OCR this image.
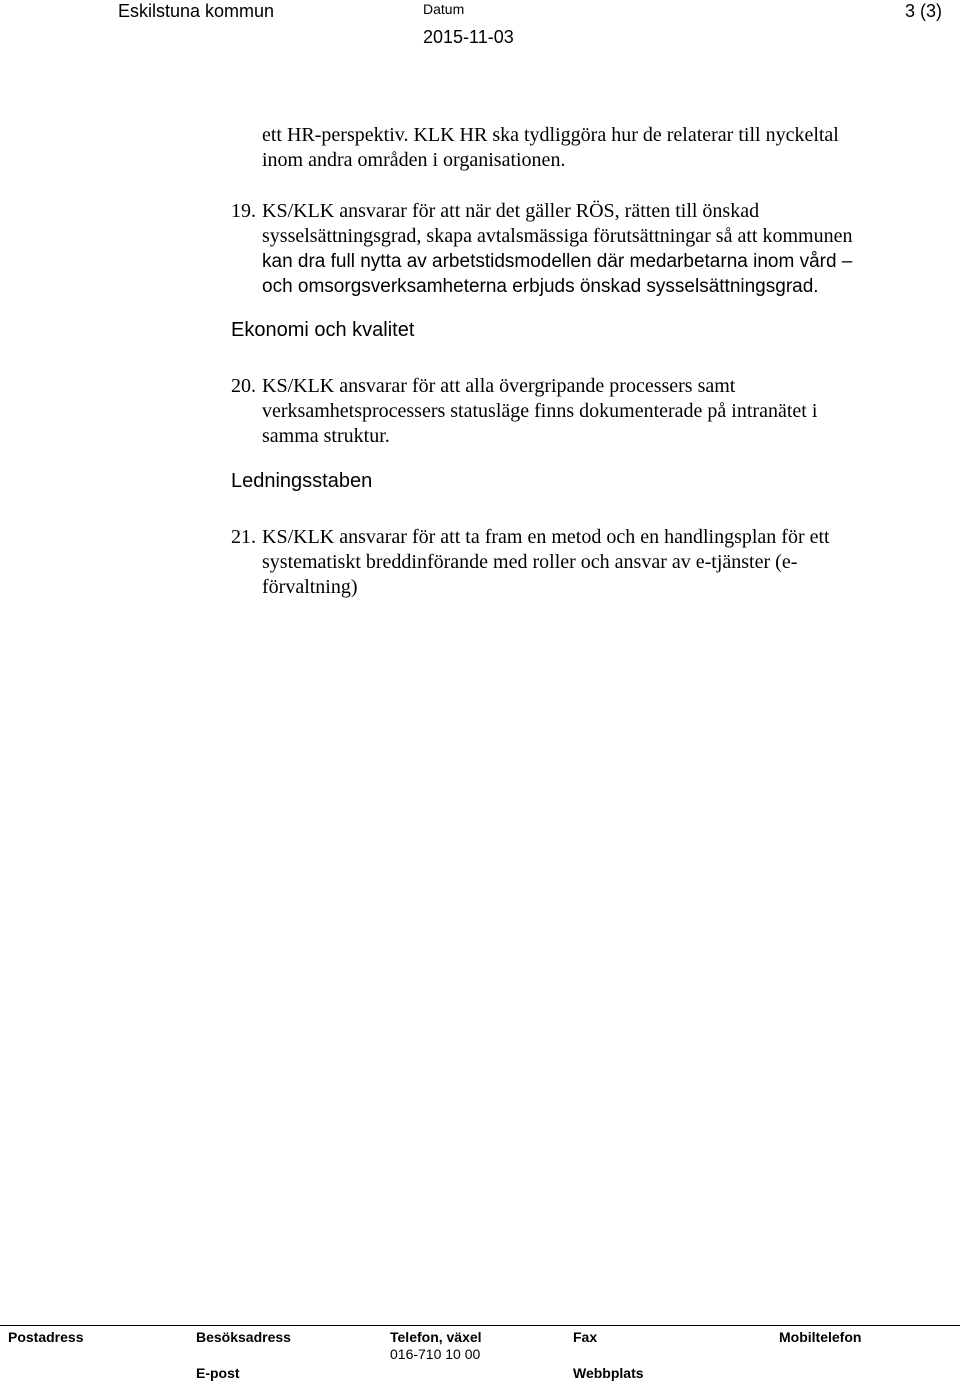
Eskilstuna kommun	Datum
2015-11-03
3 (3)
ett HR-perspektiv. KLK HR ska tydliggöra hur de relaterar till nyckeltal
inom andra områden i organisationen.
19. KS/KLK ansvarar för att när det gäller RÖS, rätten till önskad
sysselsättningsgrad, skapa avtalsmässiga förutsättningar så att kommunen
kan dra full nytta av arbetstidsmodellen där medarbetarna inom vård –
och omsorgsverksamheterna erbjuds önskad sysselsättningsgrad.
Ekonomi och kvalitet
20. KS/KLK ansvarar för att alla övergripande processers samt
verksamhetsprocessers statusläge finns dokumenterade på intranätet i
samma struktur.
Ledningsstaben
21. KS/KLK ansvarar för att ta fram en metod och en handlingsplan för ett
systematiskt breddinförande med roller och ansvar av e-tjänster (e-
förvaltning)
Postadress	Besöksadress	Telefon, växel
016-710 10 00
Fax	Mobiltelefon
E-post	Webbplats
